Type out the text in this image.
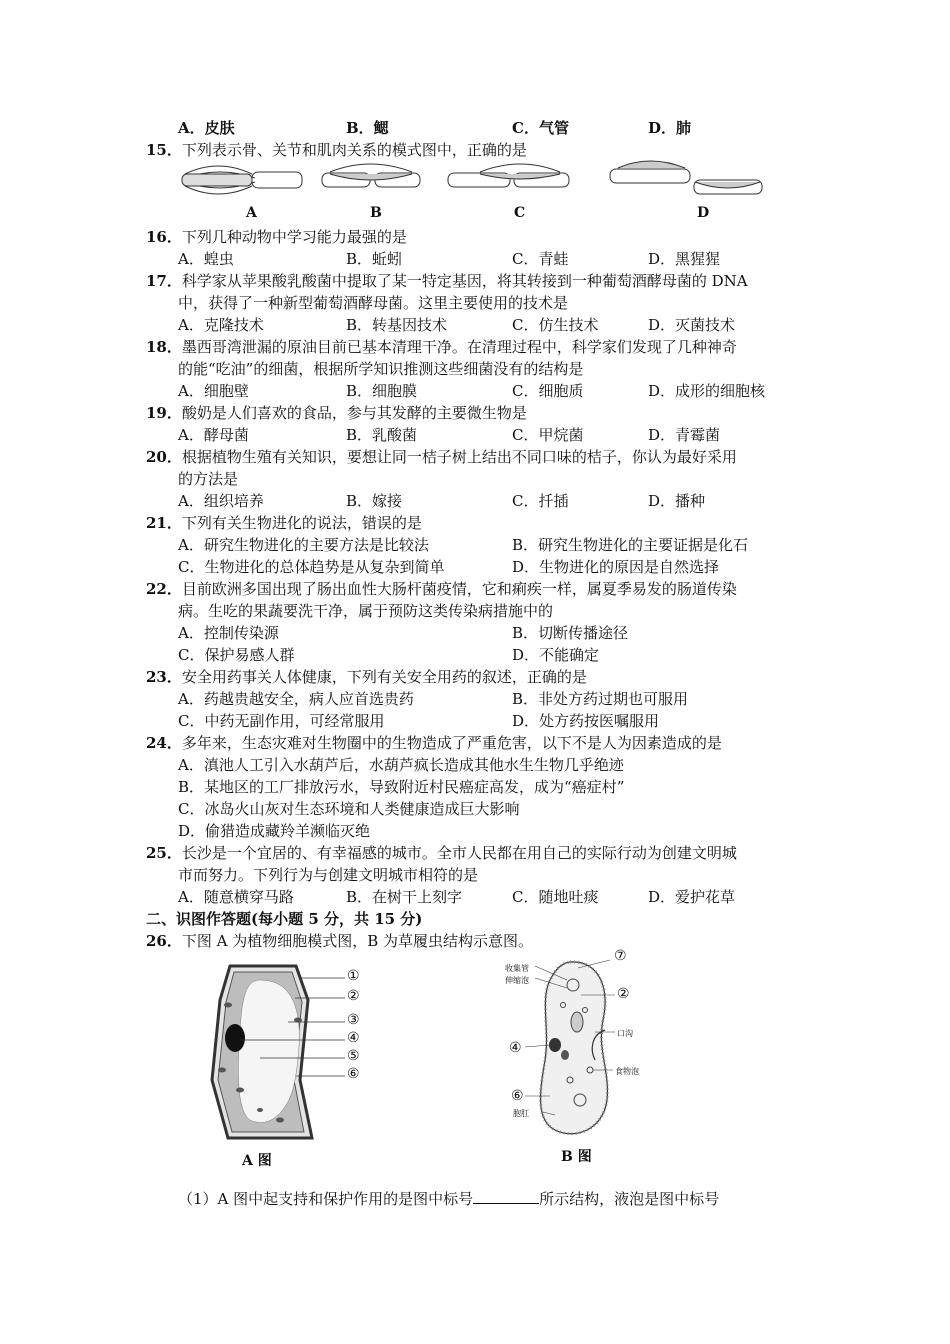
A．皮肤	B．鳃	C．气管	D．肺
15．下列表示骨、关节和肌肉关系的模式图中，正确的是
A	B	C	D
16．下列几种动物中学习能力最强的是
A．蝗虫	B．蚯蚓	C．青蛙	D．黑猩猩
17．科学家从苹果酸乳酸菌中提取了某一特定基因，将其转接到一种葡萄酒酵母菌的 DNA
中，获得了一种新型葡萄酒酵母菌。这里主要使用的技术是
A．克隆技术	B．转基因技术	C．仿生技术	D．灭菌技术
18．墨西哥湾泄漏的原油目前已基本清理干净。在清理过程中，科学家们发现了几种神奇
的能“吃油”的细菌，根据所学知识推测这些细菌没有的结构是
A．细胞壁	B．细胞膜	C．细胞质	D．成形的细胞核
19．酸奶是人们喜欢的食品，参与其发酵的主要微生物是
A．酵母菌	B．乳酸菌	C．甲烷菌	D．青霉菌
20．根据植物生殖有关知识，要想让同一桔子树上结出不同口味的桔子，你认为最好采用
的方法是
A．组织培养	B．嫁接	C．扦插	D．播种
21．下列有关生物进化的说法，错误的是
A．研究生物进化的主要方法是比较法	B．研究生物进化的主要证据是化石
C．生物进化的总体趋势是从复杂到简单	D．生物进化的原因是自然选择
22．目前欧洲多国出现了肠出血性大肠杆菌疫情，它和痢疾一样，属夏季易发的肠道传染
病。生吃的果蔬要洗干净，属于预防这类传染病措施中的
A．控制传染源	B．切断传播途径
C．保护易感人群	D．不能确定
23．安全用药事关人体健康，下列有关安全用药的叙述，正确的是
A．药越贵越安全，病人应首选贵药	B．非处方药过期也可服用
C．中药无副作用，可经常服用	D．处方药按医嘱服用
24．多年来，生态灾难对生物圈中的生物造成了严重危害，以下不是人为因素造成的是
A．滇池人工引入水葫芦后，水葫芦疯长造成其他水生生物几乎绝迹
B．某地区的工厂排放污水，导致附近村民癌症高发，成为“癌症村”
C．冰岛火山灰对生态环境和人类健康造成巨大影响
D．偷猎造成藏羚羊濒临灭绝
25．长沙是一个宜居的、有幸福感的城市。全市人民都在用自己的实际行动为创建文明城
市而努力。下列行为与创建文明城市相符的是
A．随意横穿马路	B．在树干上刻字	C．随地吐痰	D．爱护花草
二、识图作答题(每小题 5 分，共 15 分)
26．下图 A 为植物细胞模式图，B 为草履虫结构示意图。
①
②
③
④
⑤
⑥
A 图
收集管
伸缩泡
⑦
②
口沟
④
食物泡
⑥
胞肛
B 图
（1）A 图中起支持和保护作用的是图中标号	所示结构，液泡是图中标号
